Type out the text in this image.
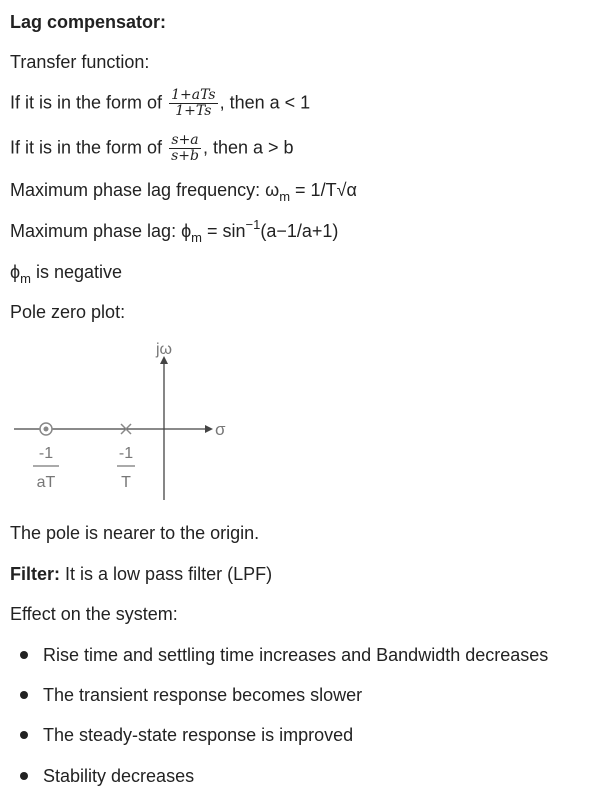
Lag compensator:
Transfer function:
If it is in the form of $\frac{\text{1+aTs}}{1+Ts}$ , then a < 1
If it is in the form of $\frac{s+a}{s+b}$ , then a > b
Maximum phase lag frequency: $\omega_m = 1/T√\alpha$
Maximum phase lag: $\phi_m = \sin^{-1}(a-1/a+1)$
$\phi_m$ is negative
Pole zero plot:
jω
σ
-1
aT
-1
T
The pole is nearer to the origin.
Filter: It is a low pass filter (LPF)
Effect on the system:
Rise time and settling time increases and Bandwidth decreases
The transient response becomes slower
The steady-state response is improved
Stability decreases
